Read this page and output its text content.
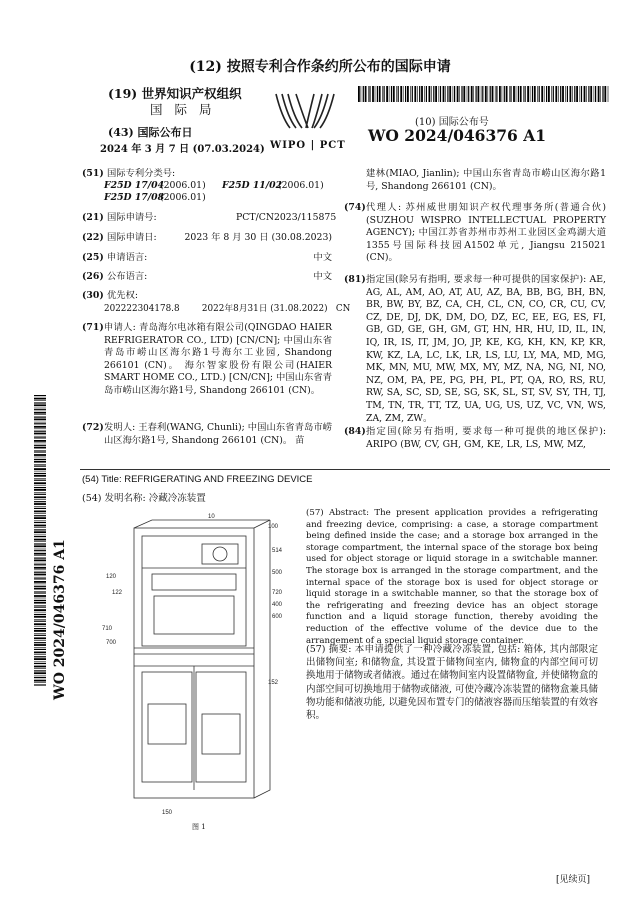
(12) 按照专利合作条约所公布的国际申请
(19) 世界知识产权组织
国 际 局
(43) 国际公布日
2024 年 3 月 7 日 (07.03.2024) WIPO | PCT
(10) 国际公布号
WO 2024/046376 A1
(51) 国际专利分类号:
F25D 17/04
(2006.01) F25D 11/02
(2006.01)
F25D 17/08
(2006.01)
(21) 国际申请号:	PCT/CN2023/115875
(22) 国际申请日:	2023 年 8 月 30 日 (30.08.2023)
(25) 申请语言:	中文
(26) 公布语言:	中文
(30) 优先权:
202222304178.8        2022年8月31日 (31.08.2022)   CN
(71) 申请人: 青岛海尔电冰箱有限公司(QINGDAO HAIER REFRIGERATOR CO., LTD) [CN/CN]; 中国山东省青岛市崂山区海尔路1号海尔工业园, Shandong 266101 (CN)。 海尔智家股份有限公司(HAIER SMART HOME CO., LTD.) [CN/CN]; 中国山东省青岛市崂山区海尔路1号, Shandong 266101 (CN)。
(72) 发明人: 王春利(WANG, Chunli); 中国山东省青岛市崂山区海尔路1号, Shandong 266101 (CN)。 苗
建林(MIAO, Jianlin); 中国山东省青岛市崂山区海尔路1号, Shandong 266101 (CN)。
(74) 代理人: 苏州威世朋知识产权代理事务所(普通合伙) (SUZHOU WISPRO INTELLECTUAL PROPERTY AGENCY); 中国江苏省苏州市苏州工业园区金鸡湖大道1355号国际科技园A1502单元, Jiangsu 215021 (CN)。
(81) 指定国(除另有指明, 要求每一种可提供的国家保护): AE, AG, AL, AM, AO, AT, AU, AZ, BA, BB, BG, BH, BN, BR, BW, BY, BZ, CA, CH, CL, CN, CO, CR, CU, CV, CZ, DE, DJ, DK, DM, DO, DZ, EC, EE, EG, ES, FI, GB, GD, GE, GH, GM, GT, HN, HR, HU, ID, IL, IN, IQ, IR, IS, IT, JM, JO, JP, KE, KG, KH, KN, KP, KR, KW, KZ, LA, LC, LK, LR, LS, LU, LY, MA, MD, MG, MK, MN, MU, MW, MX, MY, MZ, NA, NG, NI, NO, NZ, OM, PA, PE, PG, PH, PL, PT, QA, RO, RS, RU, RW, SA, SC, SD, SE, SG, SK, SL, ST, SV, SY, TH, TJ, TM, TN, TR, TT, TZ, UA, UG, US, UZ, VC, VN, WS, ZA, ZM, ZW。
(84) 指定国(除另有指明, 要求每一种可提供的地区保护): ARIPO (BW, CV, GH, GM, KE, LR, LS, MW, MZ,
(54) Title: REFRIGERATING AND FREEZING DEVICE
(54) 发明名称: 冷藏冷冻装置
10
100
514
500
720
400
600
120
122
710
700
152
150
图 1
(57) Abstract: The present application provides a refrigerating and freezing device, comprising: a case, a storage compartment being defined inside the case; and a storage box arranged in the storage compartment, the internal space of the storage box being used for object storage or liquid storage in a switchable manner. The storage box is arranged in the storage compartment, and the internal space of the storage box is used for object storage or liquid storage in a switchable manner, so that the storage box of the refrigerating and freezing device has an object storage function and a liquid storage function, thereby avoiding the reduction of the effective volume of the device due to the arrangement of a special liquid storage container.
(57) 摘要: 本申请提供了一种冷藏冷冻装置, 包括: 箱体, 其内部限定出储物间室; 和储物盒, 其设置于储物间室内, 储物盒的内部空间可切换地用于储物或者储液。通过在储物间室内设置储物盒, 并使储物盒的内部空间可切换地用于储物或储液, 可使冷藏冷冻装置的储物盒兼具储物功能和储液功能, 以避免因布置专门的储液容器而压缩装置的有效容积。
WO 2024/046376 A1
[见续页]
